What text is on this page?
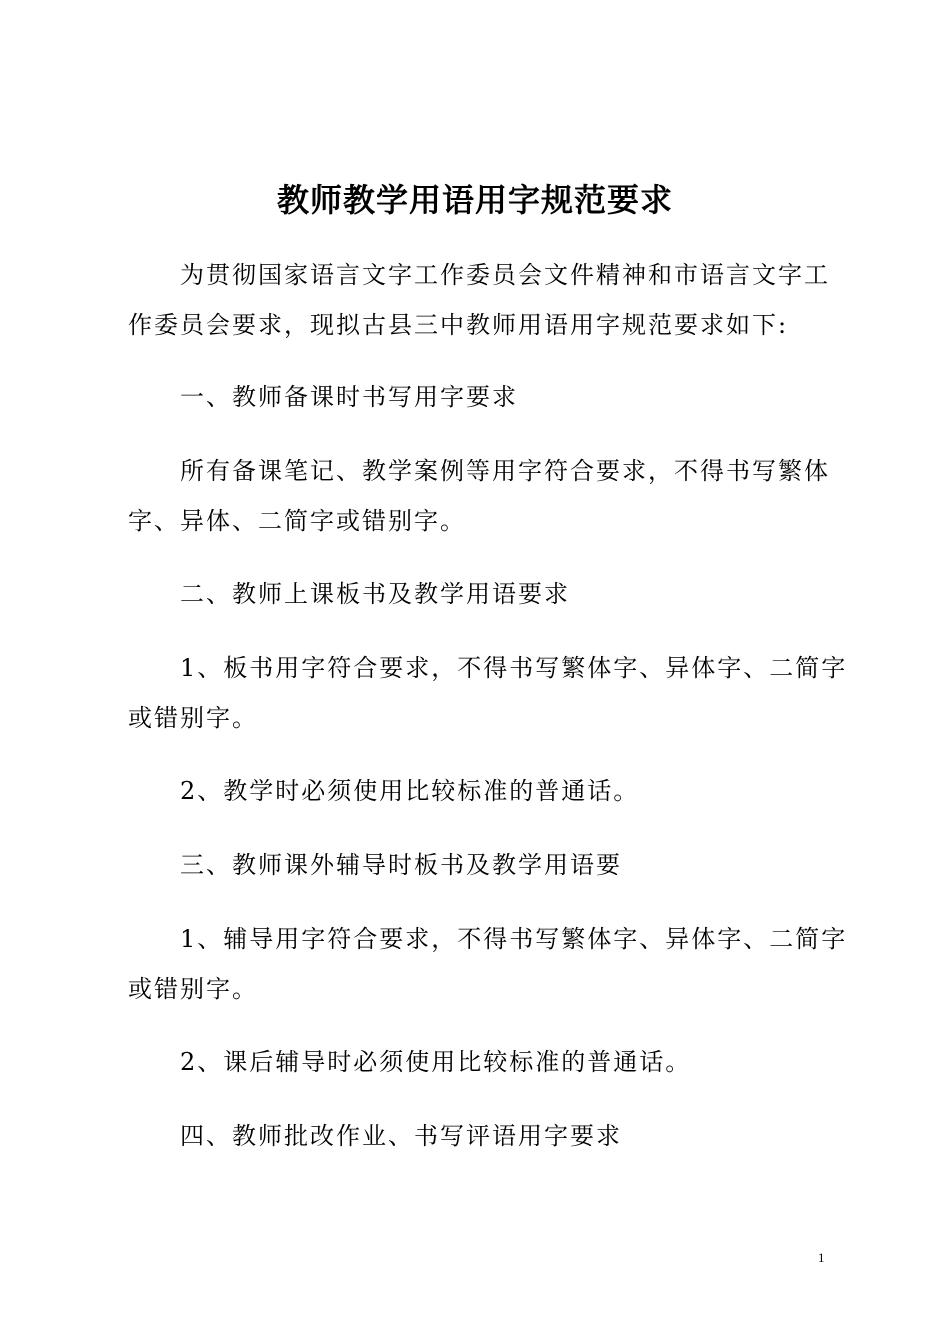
教师教学用语用字规范要求

为贯彻国家语言文字工作委员会文件精神和市语言文字工作委员会要求，现拟古县三中教师用语用字规范要求如下:

一、教师备课时书写用字要求

所有备课笔记、教学案例等用字符合要求，不得书写繁体字、异体、二简字或错别字。

二、教师上课板书及教学用语要求

1、板书用字符合要求，不得书写繁体字、异体字、二简字或错别字。

2、教学时必须使用比较标准的普通话。

三、教师课外辅导时板书及教学用语要

1、辅导用字符合要求，不得书写繁体字、异体字、二简字或错别字。

2、课后辅导时必须使用比较标准的普通话。

四、教师批改作业、书写评语用字要求

1
